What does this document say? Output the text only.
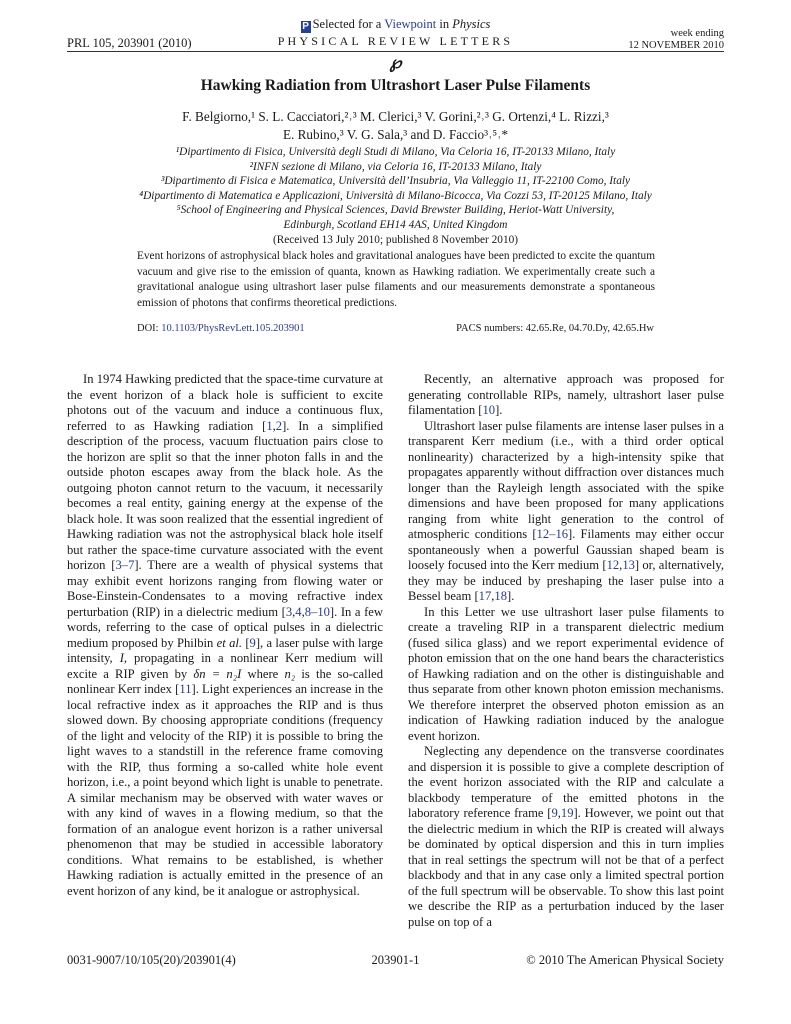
P Selected for a Viewpoint in Physics
PRL 105, 203901 (2010)	PHYSICAL REVIEW LETTERS
week ending
12 NOVEMBER 2010
℘
Hawking Radiation from Ultrashort Laser Pulse Filaments
F. Belgiorno,¹ S. L. Cacciatori,²˒³ M. Clerici,³ V. Gorini,²˒³ G. Ortenzi,⁴ L. Rizzi,³
E. Rubino,³ V. G. Sala,³ and D. Faccio³˒⁵˒*
¹Dipartimento di Fisica, Università degli Studi di Milano, Via Celoria 16, IT-20133 Milano, Italy
²INFN sezione di Milano, via Celoria 16, IT-20133 Milano, Italy
³Dipartimento di Fisica e Matematica, Università dell’Insubria, Via Valleggio 11, IT-22100 Como, Italy
⁴Dipartimento di Matematica e Applicazioni, Università di Milano-Bicocca, Via Cozzi 53, IT-20125 Milano, Italy
⁵School of Engineering and Physical Sciences, David Brewster Building, Heriot-Watt University,
Edinburgh, Scotland EH14 4AS, United Kingdom
(Received 13 July 2010; published 8 November 2010)
Event horizons of astrophysical black holes and gravitational analogues have been predicted to excite the quantum vacuum and give rise to the emission of quanta, known as Hawking radiation. We experimentally create such a gravitational analogue using ultrashort laser pulse filaments and our measurements demonstrate a spontaneous emission of photons that confirms theoretical predictions.
DOI: 10.1103/PhysRevLett.105.203901	PACS numbers: 42.65.Re, 04.70.Dy, 42.65.Hw

In 1974 Hawking predicted that the space-time curvature at the event horizon of a black hole is sufficient to excite photons out of the vacuum and induce a continuous flux, referred to as Hawking radiation [1,2]. In a simplified description of the process, vacuum fluctuation pairs close to the horizon are split so that the inner photon falls in and the outside photon escapes away from the black hole. As the outgoing photon cannot return to the vacuum, it necessarily becomes a real entity, gaining energy at the expense of the black hole. It was soon realized that the essential ingredient of Hawking radiation was not the astrophysical black hole itself but rather the space-time curvature associated with the event horizon [3–7]. There are a wealth of physical systems that may exhibit event horizons ranging from flowing water or Bose-Einstein-Condensates to a moving refractive index perturbation (RIP) in a dielectric medium [3,4,8–10]. In a few words, referring to the case of optical pulses in a dielectric medium proposed by Philbin et al. [9], a laser pulse with large intensity, I, propagating in a nonlinear Kerr medium will excite a RIP given by δn = n₂I where n₂ is the so-called nonlinear Kerr index [11]. Light experiences an increase in the local refractive index as it approaches the RIP and is thus slowed down. By choosing appropriate conditions (frequency of the light and velocity of the RIP) it is possible to bring the light waves to a standstill in the reference frame comoving with the RIP, thus forming a so-called white hole event horizon, i.e., a point beyond which light is unable to penetrate. A similar mechanism may be observed with water waves or with any kind of waves in a flowing medium, so that the formation of an analogue event horizon is a rather universal phenomenon that may be studied in accessible laboratory conditions. What remains to be established, is whether Hawking radiation is actually emitted in the presence of an event horizon of any kind, be it analogue or astrophysical.

Recently, an alternative approach was proposed for generating controllable RIPs, namely, ultrashort laser pulse filamentation [10].

Ultrashort laser pulse filaments are intense laser pulses in a transparent Kerr medium (i.e., with a third order optical nonlinearity) characterized by a high-intensity spike that propagates apparently without diffraction over distances much longer than the Rayleigh length associated with the spike dimensions and have been proposed for many applications ranging from white light generation to the control of atmospheric conditions [12–16]. Filaments may either occur spontaneously when a powerful Gaussian shaped beam is loosely focused into the Kerr medium [12,13] or, alternatively, they may be induced by preshaping the laser pulse into a Bessel beam [17,18].

In this Letter we use ultrashort laser pulse filaments to create a traveling RIP in a transparent dielectric medium (fused silica glass) and we report experimental evidence of photon emission that on the one hand bears the characteristics of Hawking radiation and on the other is distinguishable and thus separate from other known photon emission mechanisms. We therefore interpret the observed photon emission as an indication of Hawking radiation induced by the analogue event horizon.

Neglecting any dependence on the transverse coordinates and dispersion it is possible to give a complete description of the event horizon associated with the RIP and calculate a blackbody temperature of the emitted photons in the laboratory reference frame [9,19]. However, we point out that the dielectric medium in which the RIP is created will always be dominated by optical dispersion and this in turn implies that in real settings the spectrum will not be that of a perfect blackbody and that in any case only a limited spectral portion of the full spectrum will be observable. To show this last point we describe the RIP as a perturbation induced by the laser pulse on top of a

0031-9007/10/105(20)/203901(4)	203901-1	© 2010 The American Physical Society
